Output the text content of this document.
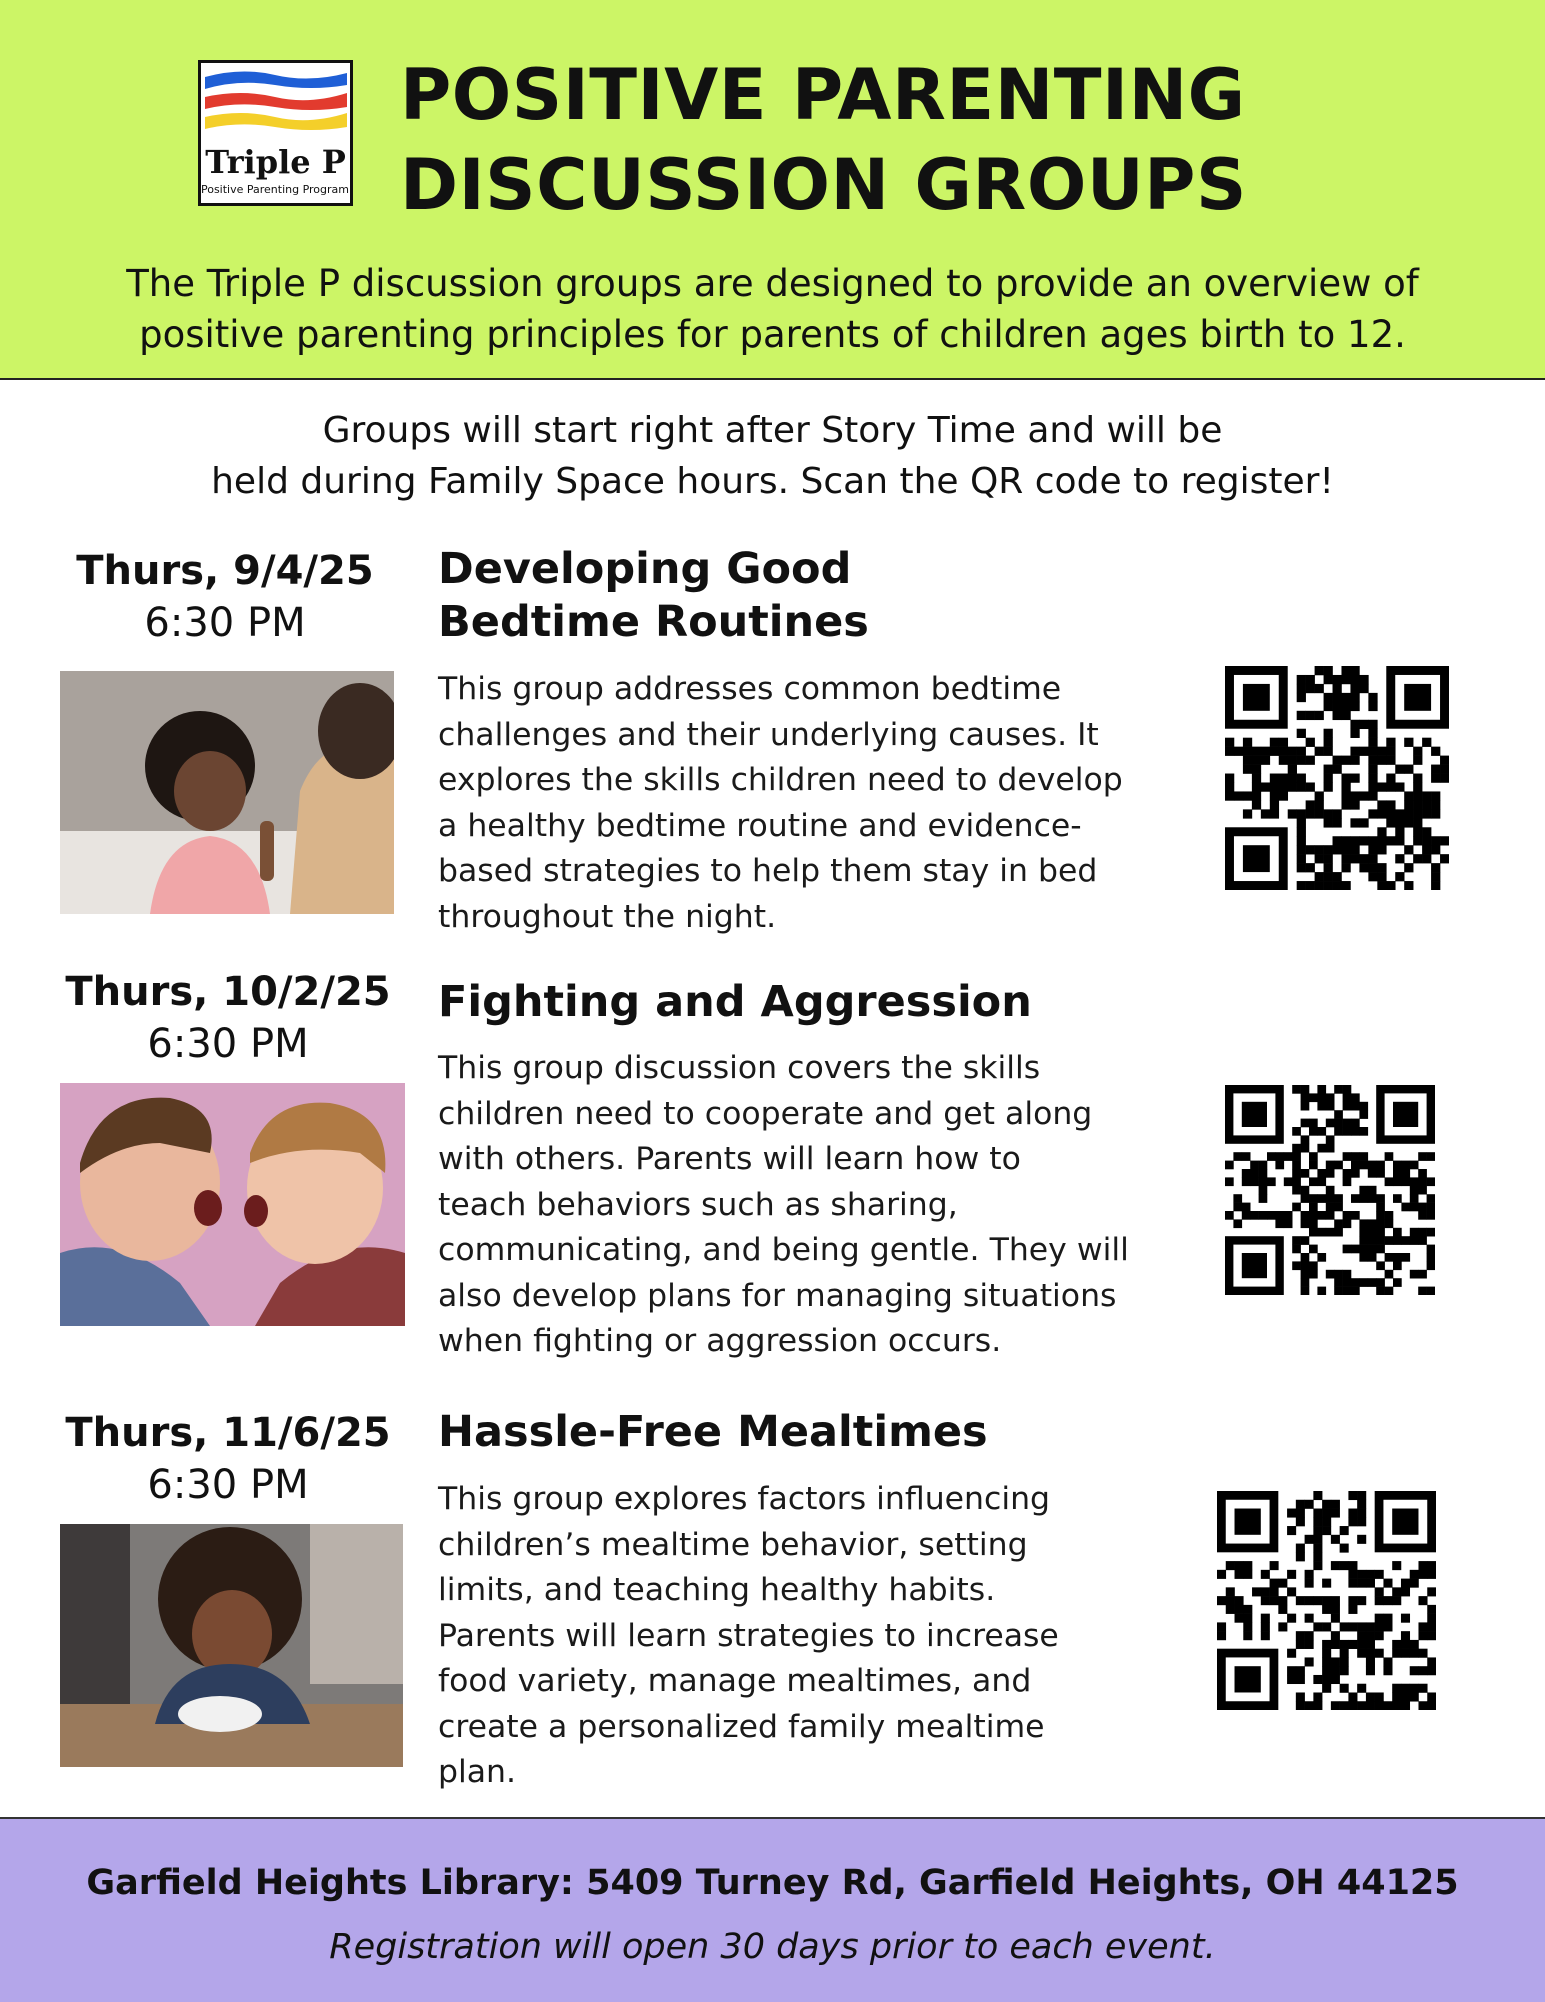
Triple P
Positive Parenting Program
POSITIVE PARENTING
DISCUSSION GROUPS
The Triple P discussion groups are designed to provide an overview of
positive parenting principles for parents of children ages birth to 12.
Groups will start right after Story Time and will be
held during Family Space hours. Scan the QR code to register!
Thurs, 9/4/25
6:30 PM
Developing Good
Bedtime Routines
This group addresses common bedtime
challenges and their underlying causes. It
explores the skills children need to develop
a healthy bedtime routine and evidence-
based strategies to help them stay in bed
throughout the night.
Thurs, 10/2/25
6:30 PM
Fighting and Aggression
This group discussion covers the skills
children need to cooperate and get along
with others. Parents will learn how to
teach behaviors such as sharing,
communicating, and being gentle. They will
also develop plans for managing situations
when fighting or aggression occurs.
Thurs, 11/6/25
6:30 PM
Hassle-Free Mealtimes
This group explores factors influencing
children’s mealtime behavior, setting
limits, and teaching healthy habits.
Parents will learn strategies to increase
food variety, manage mealtimes, and
create a personalized family mealtime
plan.
Garfield Heights Library: 5409 Turney Rd, Garfield Heights, OH 44125
Registration will open 30 days prior to each event.
